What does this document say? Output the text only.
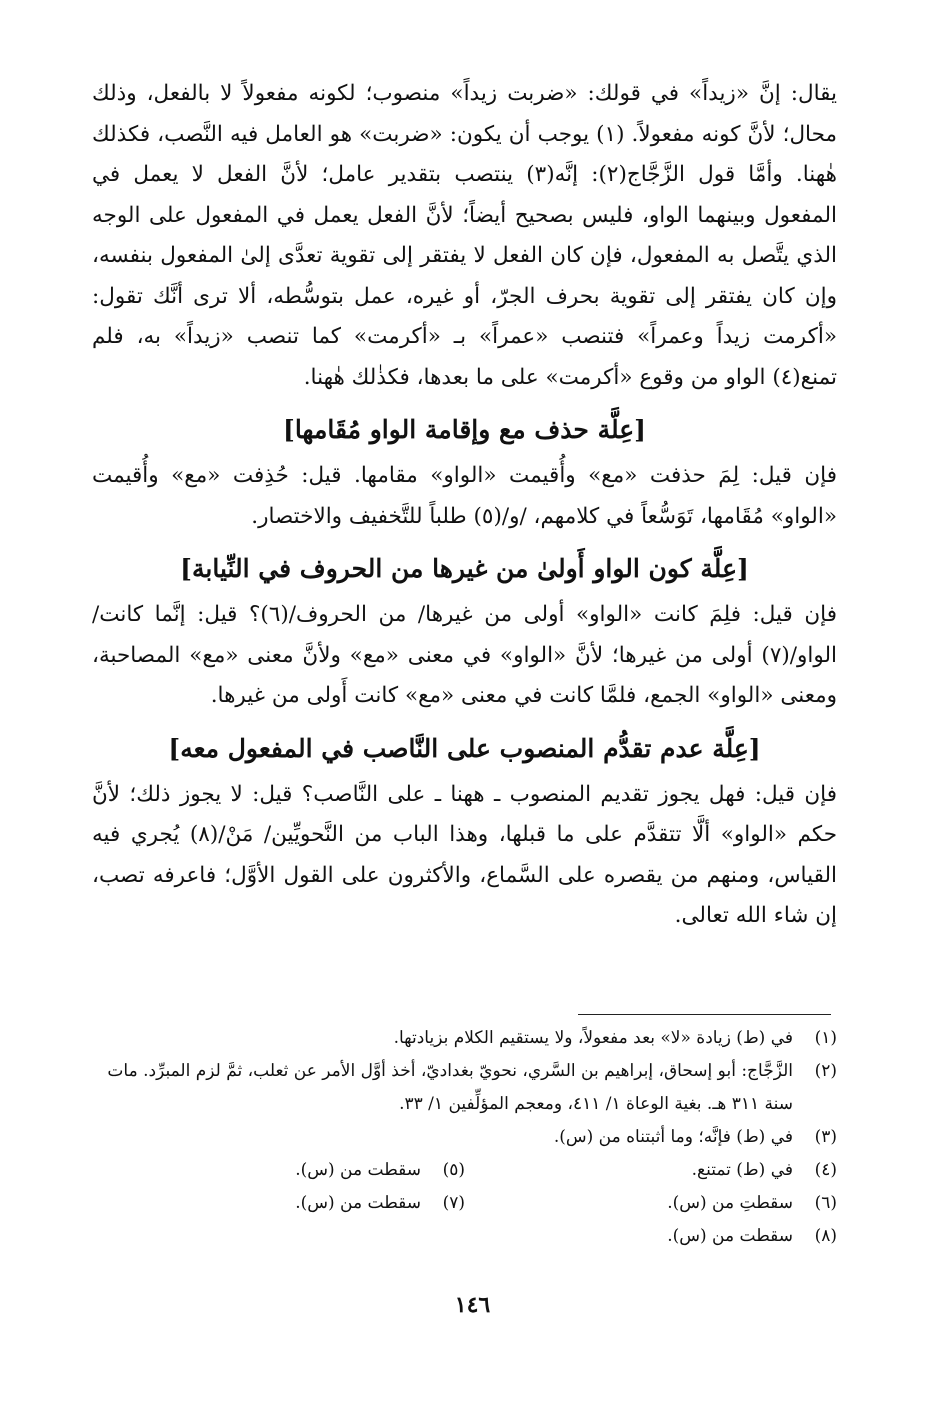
يقال: إنَّ «زيداً» في قولك: «ضربت زيداً» منصوب؛ لكونه مفعولاً لا بالفعل، وذلك محال؛ لأنَّ كونه مفعولاً. (١) يوجب أن يكون: «ضربت» هو العامل فيه النَّصب، فكذلك هٰهنا. وأمَّا قول الزَّجَّاج(٢): إنَّه(٣) ينتصب بتقدير عامل؛ لأنَّ الفعل لا يعمل في المفعول وبينهما الواو، فليس بصحيح أيضاً؛ لأنَّ الفعل يعمل في المفعول على الوجه الذي يتَّصل به المفعول، فإن كان الفعل لا يفتقر إلى تقوية تعدَّى إلىٰ المفعول بنفسه، وإن كان يفتقر إلى تقوية بحرف الجرّ، أو غيره، عمل بتوسُّطه، ألا ترى أنَّك تقول: «أكرمت زيداً وعمراً» فتنصب «عمراً» بـ «أكرمت» كما تنصب «زيداً» به، فلم تمنع(٤) الواو من وقوع «أكرمت» على ما بعدها، فكذٰلك هٰهنا.

[عِلَّة حذف مع وإقامة الواو مُقَامها]

فإن قيل: لِمَ حذفت «مع» وأُقيمت «الواو» مقامها. قيل: حُذِفت «مع» وأُقيمت «الواو» مُقَامها، تَوَسُّعاً في كلامهم، /و/(٥) طلباً للتَّخفيف والاختصار.

[عِلَّة كون الواو أَولىٰ من غيرها من الحروف في النِّيابة]

فإن قيل: فلِمَ كانت «الواو» أولى من غيرها/ من الحروف/(٦)؟ قيل: إنَّما كانت/ الواو/(٧) أولى من غيرها؛ لأنَّ «الواو» في معنى «مع» ولأنَّ معنى «مع» المصاحبة، ومعنى «الواو» الجمع، فلمَّا كانت في معنى «مع» كانت أَولى من غيرها.

[عِلَّة عدم تقدُّم المنصوب على النَّاصب في المفعول معه]

فإن قيل: فهل يجوز تقديم المنصوب ـ ههنا ـ على النَّاصب؟ قيل: لا يجوز ذلك؛ لأنَّ حكم «الواو» ألَّا تتقدَّم على ما قبلها، وهذا الباب من النَّحويِّين/ مَنْ/(٨) يُجري فيه القياس، ومنهم من يقصره على السَّماع، والأكثرون على القول الأوَّل؛ فاعرفه تصب، إن شاء الله تعالى.

(١)
في (ط) زيادة «لا» بعد مفعولاً، ولا يستقيم الكلام بزيادتها.
(٢)
الزَّجَّاج: أبو إسحاق، إبراهيم بن السَّري، نحويّ بغداديّ، أخذ أوَّل الأمر عن ثعلب، ثمَّ لزم المبرِّد. مات سنة ٣١١ هـ. بغية الوعاة ١/ ٤١١، ومعجم المؤلِّفين ١/ ٣٣.
(٣)
في (ط) فإنَّه؛ وما أثبتناه من (س).
(٤)
في (ط) تمتنع.
(٥)
سقطت من (س).
(٦)
سقطتِ من (س).
(٧)
سقطت من (س).
(٨)
سقطت من (س).
١٤٦
